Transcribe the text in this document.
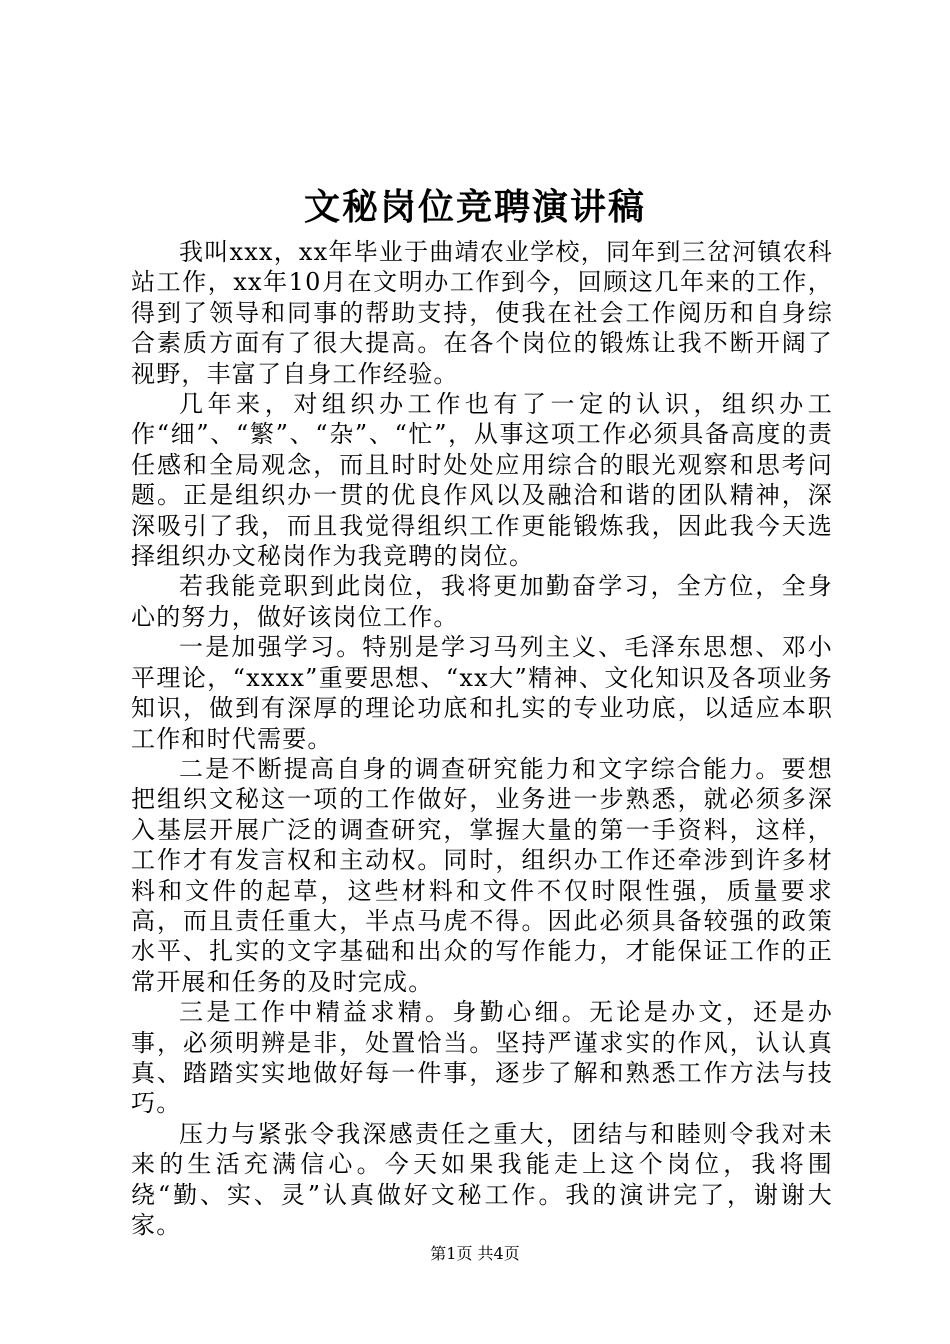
文秘岗位竞聘演讲稿

我叫xxx，xx年毕业于曲靖农业学校，同年到三岔河镇农科站工作，xx年10月在文明办工作到今，回顾这几年来的工作，得到了领导和同事的帮助支持，使我在社会工作阅历和自身综合素质方面有了很大提高。在各个岗位的锻炼让我不断开阔了视野，丰富了自身工作经验。

几年来，对组织办工作也有了一定的认识，组织办工作“细”、“繁”、“杂”、“忙”，从事这项工作必须具备高度的责任感和全局观念，而且时时处处应用综合的眼光观察和思考问题。正是组织办一贯的优良作风以及融洽和谐的团队精神，深深吸引了我，而且我觉得组织工作更能锻炼我，因此我今天选择组织办文秘岗作为我竞聘的岗位。

若我能竞职到此岗位，我将更加勤奋学习，全方位，全身心的努力，做好该岗位工作。

一是加强学习。特别是学习马列主义、毛泽东思想、邓小平理论，“xxxx”重要思想、“xx大”精神、文化知识及各项业务知识，做到有深厚的理论功底和扎实的专业功底，以适应本职工作和时代需要。

二是不断提高自身的调查研究能力和文字综合能力。要想把组织文秘这一项的工作做好，业务进一步熟悉，就必须多深入基层开展广泛的调查研究，掌握大量的第一手资料，这样，工作才有发言权和主动权。同时，组织办工作还牵涉到许多材料和文件的起草，这些材料和文件不仅时限性强，质量要求高，而且责任重大，半点马虎不得。因此必须具备较强的政策水平、扎实的文字基础和出众的写作能力，才能保证工作的正常开展和任务的及时完成。

三是工作中精益求精。身勤心细。无论是办文，还是办事，必须明辨是非，处置恰当。坚持严谨求实的作风，认认真真、踏踏实实地做好每一件事，逐步了解和熟悉工作方法与技巧。

压力与紧张令我深感责任之重大，团结与和睦则令我对未来的生活充满信心。今天如果我能走上这个岗位，我将围绕“勤、实、灵”认真做好文秘工作。我的演讲完了，谢谢大家。

第1页 共4页
